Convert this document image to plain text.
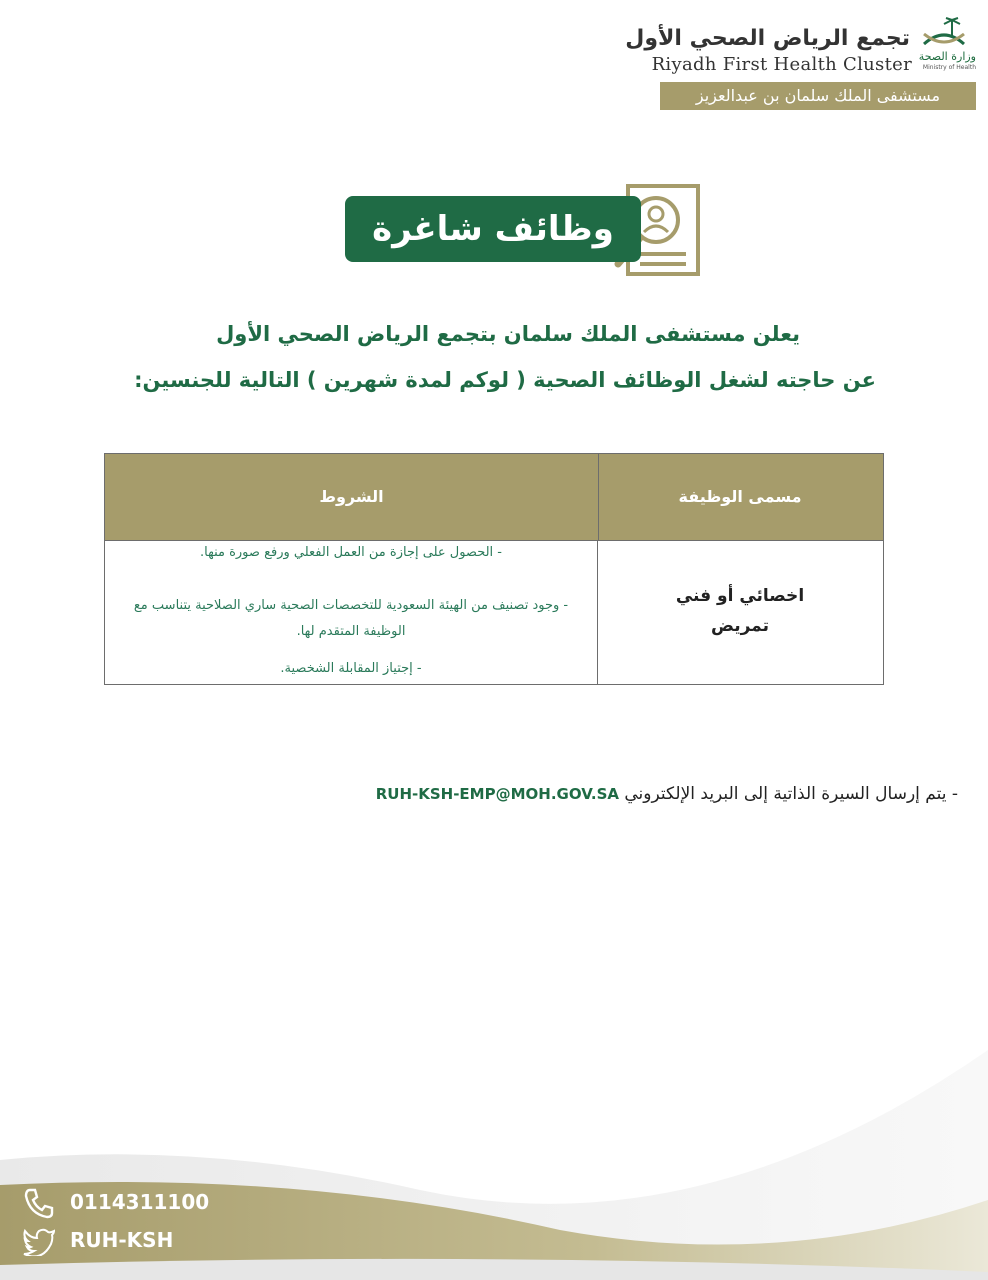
تجمع الرياض الصحي الأول
Riyadh First Health Cluster وزارة الصحة
Ministry of Health
مستشفى الملك سلمان بن عبدالعزيز
وظائف شاغرة
يعلن مستشفى الملك سلمان بتجمع الرياض الصحي الأول
عن حاجته لشغل الوظائف الصحية ( لوكم لمدة شهرين ) التالية للجنسين:
مسمى الوظيفة
الشروط
اخصائي أو فني
تمريض
- الحصول على إجازة من العمل الفعلي ورفع صورة منها.
- وجود تصنيف من الهيئة السعودية للتخصصات الصحية ساري الصلاحية يتناسب مع الوظيفة المتقدم لها.
- إجتياز المقابلة الشخصية.
- يتم إرسال السيرة الذاتية إلى البريد الإلكتروني RUH-KSH-EMP@MOH.GOV.SA
0114311100
RUH-KSH
